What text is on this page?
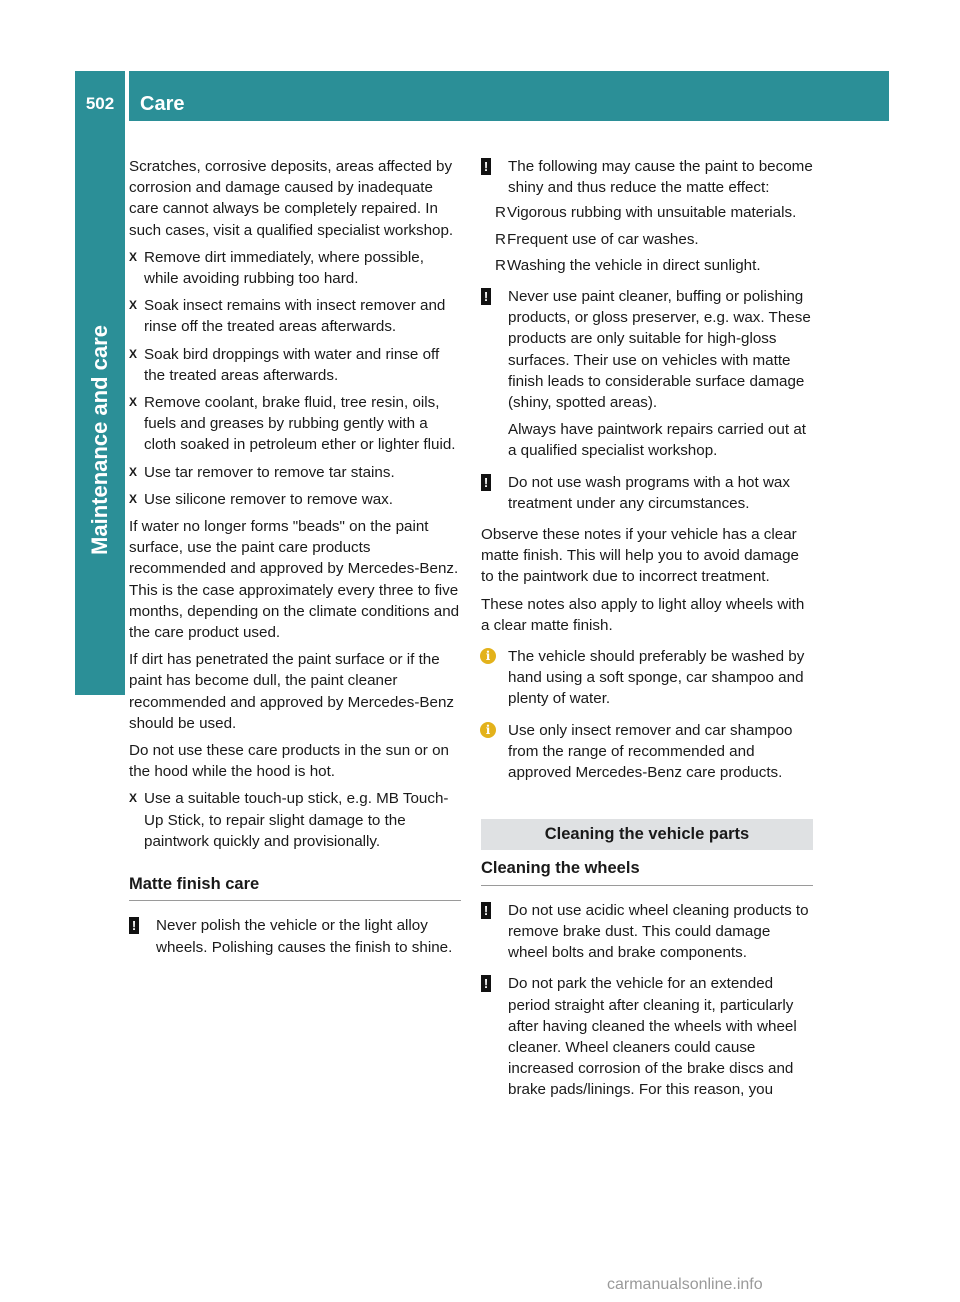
502	Care
Maintenance and care

Scratches, corrosive deposits, areas affected by corrosion and damage caused by inadequate care cannot always be completely repaired. In such cases, visit a qualified specialist workshop.

X Remove dirt immediately, where possible, while avoiding rubbing too hard.
X Soak insect remains with insect remover and rinse off the treated areas afterwards.
X Soak bird droppings with water and rinse off the treated areas afterwards.
X Remove coolant, brake fluid, tree resin, oils, fuels and greases by rubbing gently with a cloth soaked in petroleum ether or lighter fluid.
X Use tar remover to remove tar stains.
X Use silicone remover to remove wax.

If water no longer forms "beads" on the paint surface, use the paint care products recommended and approved by Mercedes-Benz. This is the case approximately every three to five months, depending on the climate conditions and the care product used.

If dirt has penetrated the paint surface or if the paint has become dull, the paint cleaner recommended and approved by Mercedes-Benz should be used.

Do not use these care products in the sun or on the hood while the hood is hot.

X Use a suitable touch-up stick, e.g. MB Touch-Up Stick, to repair slight damage to the paintwork quickly and provisionally.
Matte finish care
!	Never polish the vehicle or the light alloy wheels. Polishing causes the finish to shine.
!	The following may cause the paint to become shiny and thus reduce the matte effect:
R Vigorous rubbing with unsuitable materials.
R Frequent use of car washes.
R Washing the vehicle in direct sunlight.
!	Never use paint cleaner, buffing or polishing products, or gloss preserver, e.g. wax. These products are only suitable for high-gloss surfaces. Their use on vehicles with matte finish leads to considerable surface damage (shiny, spotted areas).
Always have paintwork repairs carried out at a qualified specialist workshop.
!	Do not use wash programs with a hot wax treatment under any circumstances.

Observe these notes if your vehicle has a clear matte finish. This will help you to avoid damage to the paintwork due to incorrect treatment.

These notes also apply to light alloy wheels with a clear matte finish.

i	The vehicle should preferably be washed by hand using a soft sponge, car shampoo and plenty of water.
i	Use only insect remover and car shampoo from the range of recommended and approved Mercedes-Benz care products.
Cleaning the vehicle parts
Cleaning the wheels
!	Do not use acidic wheel cleaning products to remove brake dust. This could damage wheel bolts and brake components.
!	Do not park the vehicle for an extended period straight after cleaning it, particularly after having cleaned the wheels with wheel cleaner. Wheel cleaners could cause increased corrosion of the brake discs and brake pads/linings. For this reason, you
carmanualsonline.info
